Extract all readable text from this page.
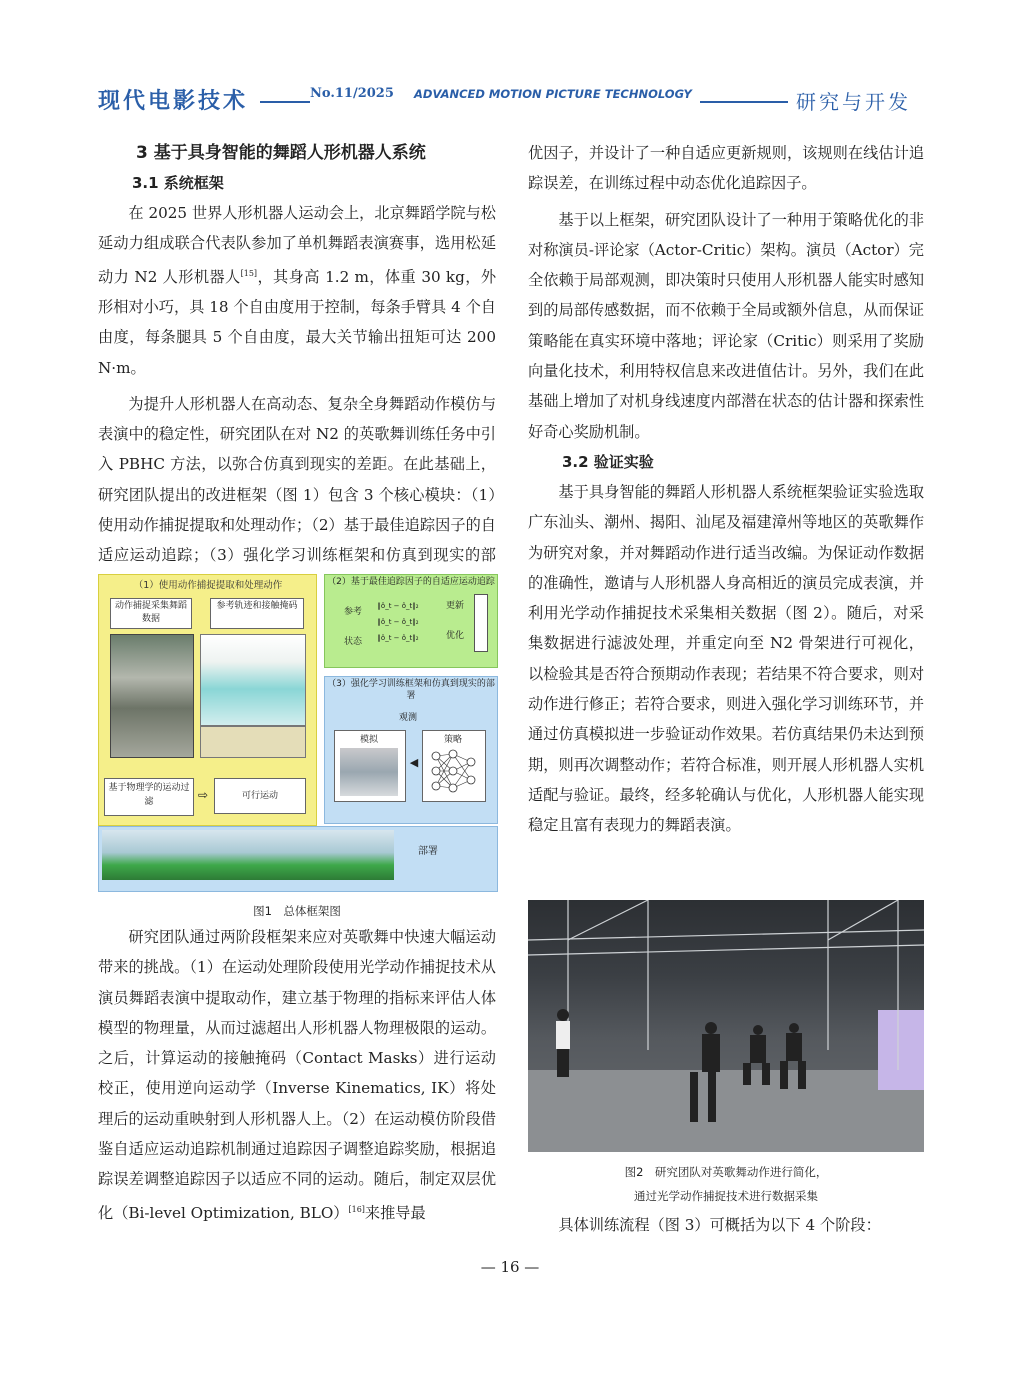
现代电影技术	No.11/2025 ADVANCED MOTION PICTURE TECHNOLOGY	研究与开发
3 基于具身智能的舞蹈人形机器人系统
3.1 系统框架

在 2025 世界人形机器人运动会上，北京舞蹈学院与松延动力组成联合代表队参加了单机舞蹈表演赛事，选用松延动力 N2 人形机器人[15]，其身高 1.2 m，体重 30 kg，外形相对小巧，具 18 个自由度用于控制，每条手臂具 4 个自由度，每条腿具 5 个自由度，最大关节输出扭矩可达 200 N·m。

为提升人形机器人在高动态、复杂全身舞蹈动作模仿与表演中的稳定性，研究团队在对 N2 的英歌舞训练任务中引入 PBHC 方法，以弥合仿真到现实的差距。在此基础上，研究团队提出的改进框架（图 1）包含 3 个核心模块：（1）使用动作捕捉提取和处理动作；（2）基于最佳追踪因子的自适应运动追踪；（3）强化学习训练框架和仿真到现实的部

（1）使用动作捕捉提取和处理动作
动作捕捉采集舞蹈数据
参考轨迹和接触掩码
基于物理学的运动过滤	⇨	可行运动
（2）基于最佳追踪因子的自适应运动追踪
参考
状态
‖ô_t − ô_t‖₂
‖ô_t − ô_t‖₂
‖ô_t − ô_t‖₂
更新
优化
（3）强化学习训练框架和仿真到现实的部署
观测
模拟
◀
策略
部署
图1　总体框架图

研究团队通过两阶段框架来应对英歌舞中快速大幅运动带来的挑战。（1）在运动处理阶段使用光学动作捕捉技术从演员舞蹈表演中提取动作，建立基于物理的指标来评估人体模型的物理量，从而过滤超出人形机器人物理极限的运动。之后，计算运动的接触掩码（Contact Masks）进行运动校正，使用逆向运动学（Inverse Kinematics, IK）将处理后的运动重映射到人形机器人上。（2）在运动模仿阶段借鉴自适应运动追踪机制通过追踪因子调整追踪奖励，根据追踪误差调整追踪因子以适应不同的运动。随后，制定双层优化（Bi-level Optimization, BLO）[16]来推导最

优因子，并设计了一种自适应更新规则，该规则在线估计追踪误差，在训练过程中动态优化追踪因子。

基于以上框架，研究团队设计了一种用于策略优化的非对称演员-评论家（Actor-Critic）架构。演员（Actor）完全依赖于局部观测，即决策时只使用人形机器人能实时感知到的局部传感数据，而不依赖于全局或额外信息，从而保证策略能在真实环境中落地；评论家（Critic）则采用了奖励向量化技术，利用特权信息来改进值估计。另外，我们在此基础上增加了对机身线速度内部潜在状态的估计器和探索性好奇心奖励机制。

3.2 验证实验

基于具身智能的舞蹈人形机器人系统框架验证实验选取广东汕头、潮州、揭阳、汕尾及福建漳州等地区的英歌舞作为研究对象，并对舞蹈动作进行适当改编。为保证动作数据的准确性，邀请与人形机器人身高相近的演员完成表演，并利用光学动作捕捉技术采集相关数据（图 2）。随后，对采集数据进行滤波处理，并重定向至 N2 骨架进行可视化，以检验其是否符合预期动作表现；若结果不符合要求，则对动作进行修正；若符合要求，则进入强化学习训练环节，并通过仿真模拟进一步验证动作效果。若仿真结果仍未达到预期，则再次调整动作；若符合标准，则开展人形机器人实机适配与验证。最终，经多轮确认与优化，人形机器人能实现稳定且富有表现力的舞蹈表演。

图2　研究团队对英歌舞动作进行简化，
通过光学动作捕捉技术进行数据采集

具体训练流程（图 3）可概括为以下 4 个阶段：

— 16 —
